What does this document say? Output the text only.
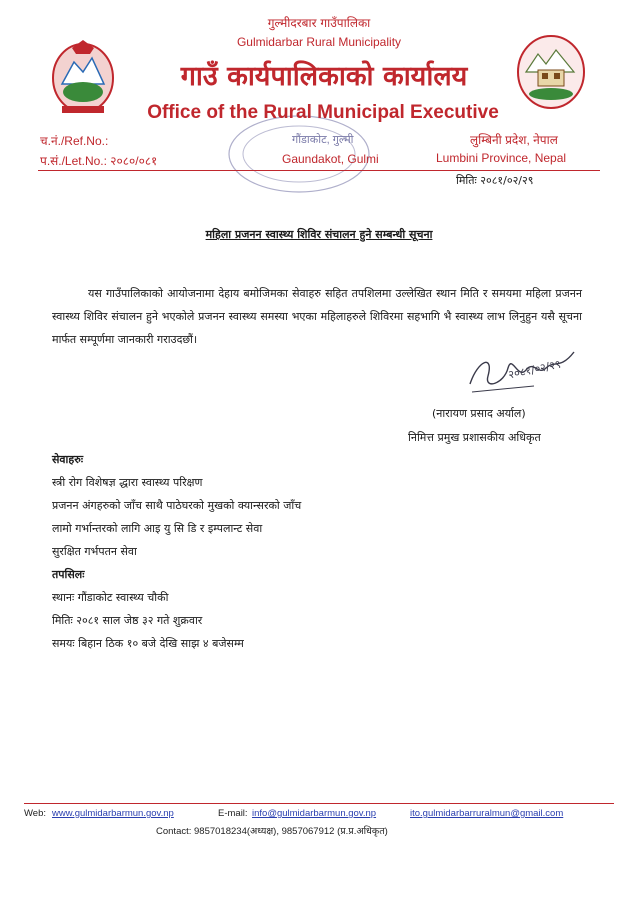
गुल्मीदरबार गाउँपालिका
Gulmidarbar Rural Municipality
गाउँ कार्यपालिकाको कार्यालय
Office of the Rural Municipal Executive
च.नं./Ref.No.:
प.सं./Let.No.: २०८०/०८१
लुम्बिनी प्रदेश, नेपाल
Lumbini Province, Nepal
गौंडाकोट, गुल्मी
Gaundakot, Gulmi
मितिः २०८१/०२/२९
महिला प्रजनन स्वास्थ्य शिविर संचालन हुने सम्बन्धी सूचना
यस गाउँपालिकाको आयोजनामा देहाय बमोजिमका सेवाहरु सहित तपशिलमा उल्लेखित स्थान मिति र समयमा महिला प्रजनन स्वास्थ्य शिविर संचालन हुने भएकोले प्रजनन स्वास्थ्य समस्या भएका महिलाहरुले शिविरमा सहभागि भै स्वास्थ्य लाभ लिनुहुन यसै सूचना मार्फत सम्पूर्णमा जानकारी गराउदछौं।
२०८१/०२/२९
(नारायण प्रसाद अर्याल)
निमित्त प्रमुख प्रशासकीय अधिकृत
सेवाहरुः
स्त्री रोग विशेषज्ञ द्धारा स्वास्थ्य परिक्षण
प्रजनन अंगहरुको जाँच साथै पाठेघरको मुखको क्यान्सरको जाँच
लामो गर्भान्तरको लागि आइ यु सि डि र इम्पलान्ट सेवा
सुरक्षित गर्भपतन सेवा
तपसिलः
स्थानः गौंडाकोट स्वास्थ्य चौकी
मितिः २०८१ साल जेष्ठ ३२ गते शुक्रवार
समयः बिहान ठिक १० बजे देखि साझ ४ बजेसम्म
Web: www.gulmidarbarmun.gov.np	E-mail: info@gulmidarbarmun.gov.np	ito.gulmidarbarruralmun@gmail.com
Contact: 9857018234(अध्यक्ष), 9857067912 (प्र.प्र.अधिकृत)
